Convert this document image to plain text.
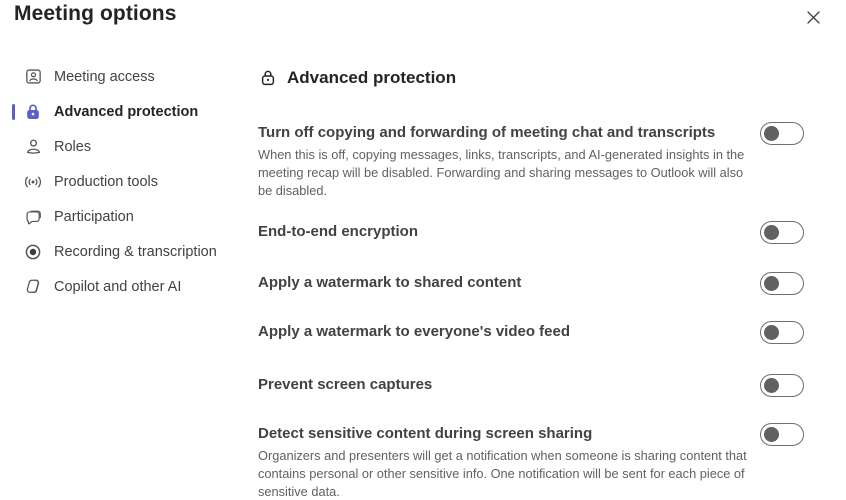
Meeting options
Meeting access
Advanced protection
Roles
Production tools
Participation
Recording & transcription
Copilot and other AI
Advanced protection
Turn off copying and forwarding of meeting chat and transcripts
When this is off, copying messages, links, transcripts, and AI-generated insights in the meeting recap will be disabled. Forwarding and sharing messages to Outlook will also be disabled.
End-to-end encryption
Apply a watermark to shared content
Apply a watermark to everyone's video feed
Prevent screen captures
Detect sensitive content during screen sharing
Organizers and presenters will get a notification when someone is sharing content that contains personal or other sensitive info. One notification will be sent for each piece of sensitive data.
